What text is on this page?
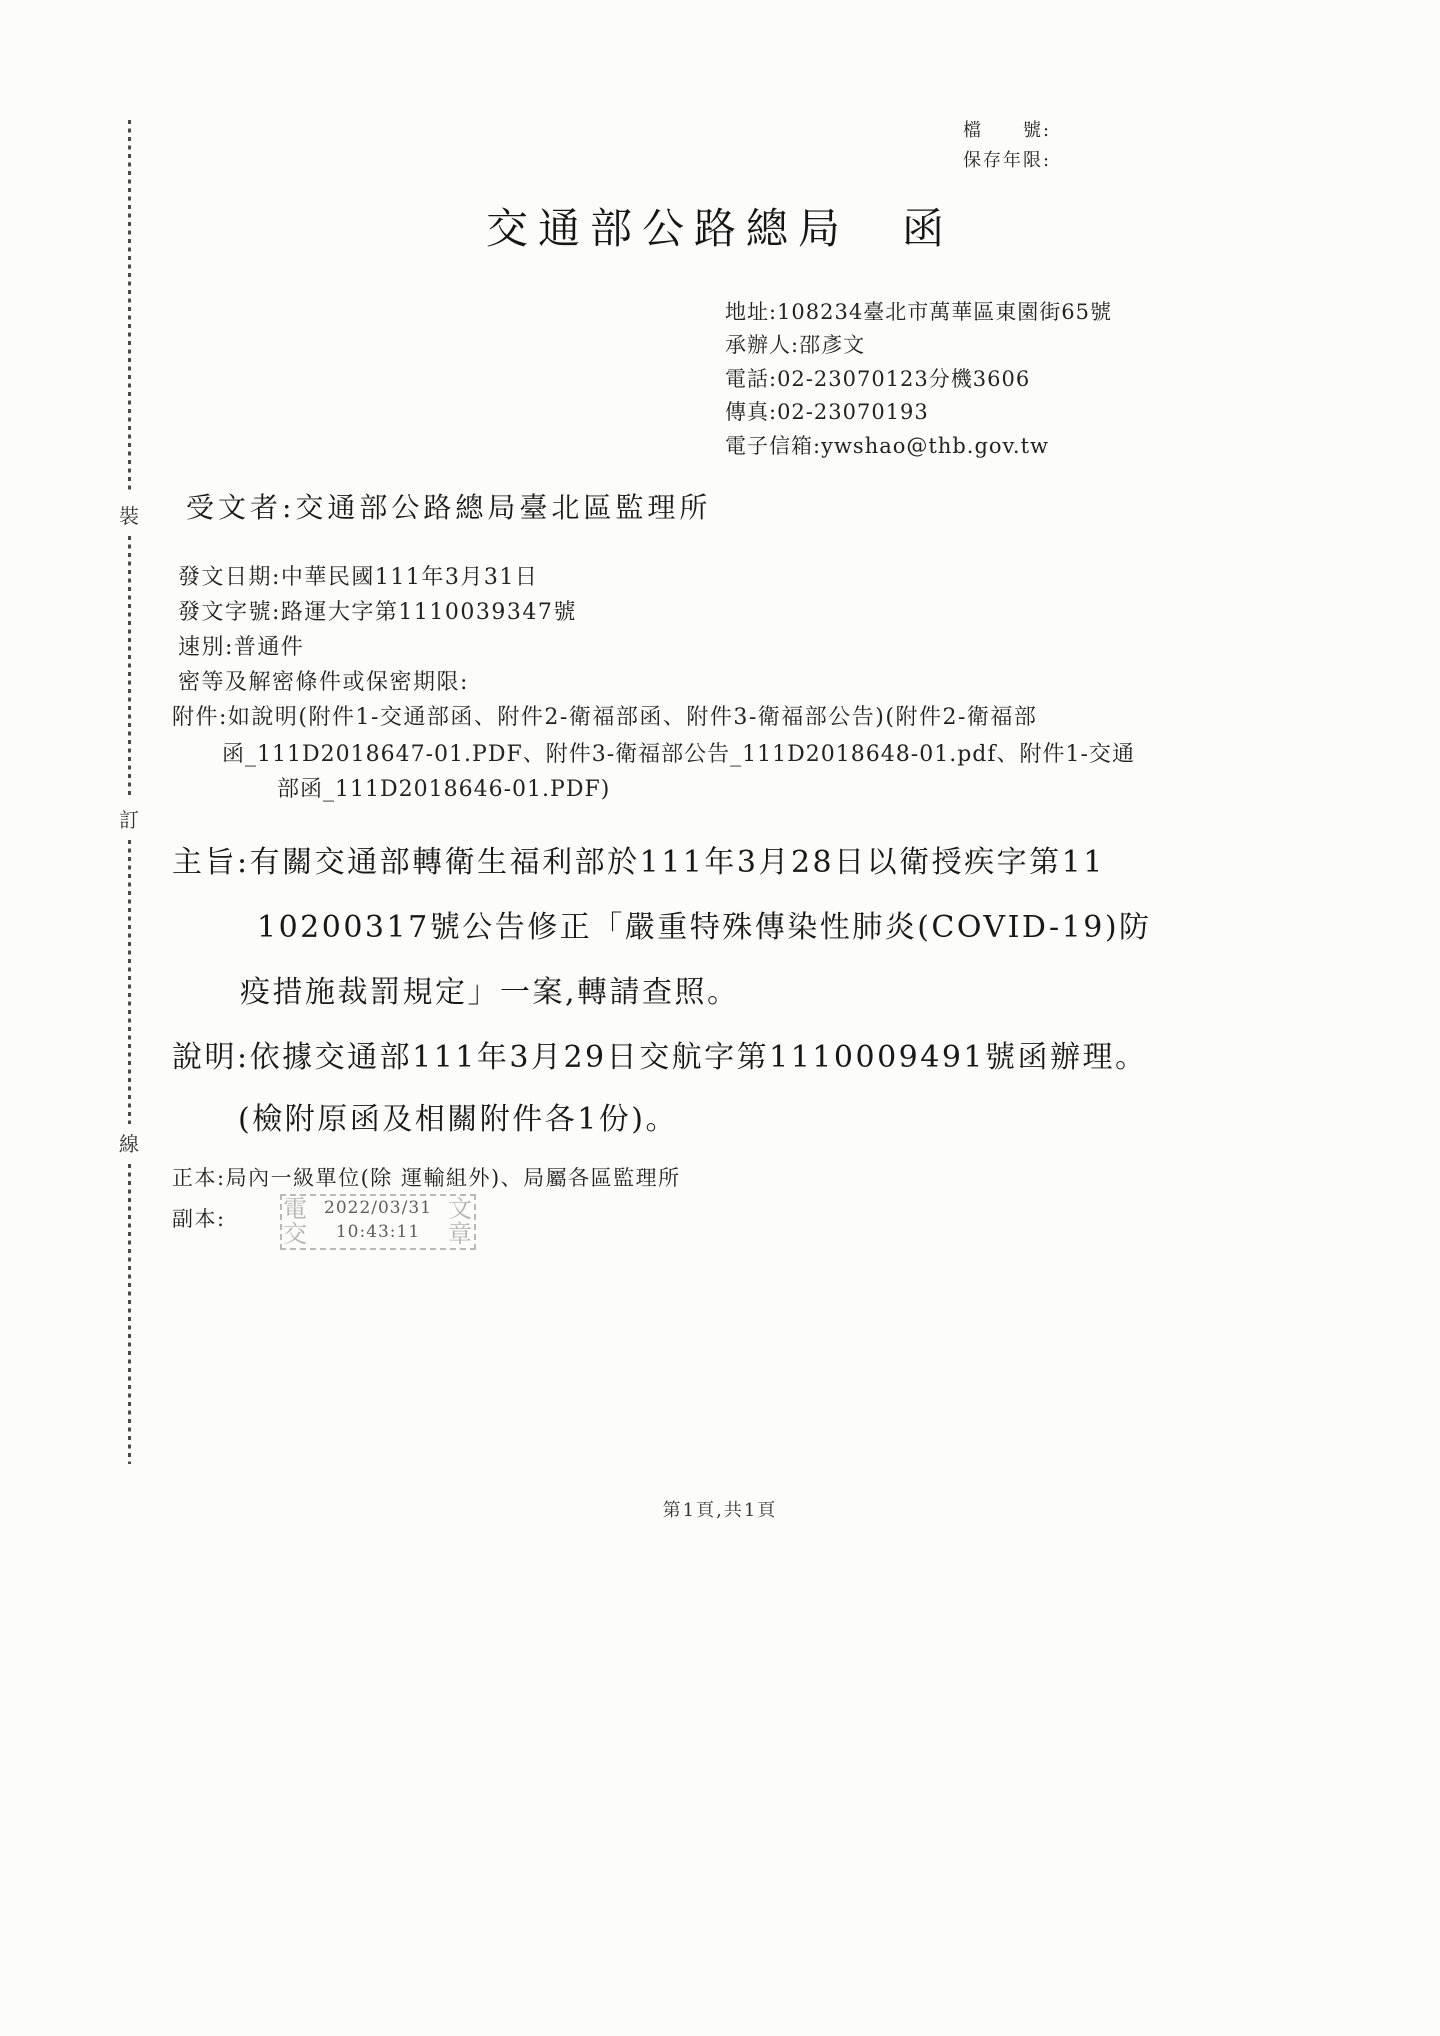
裝
訂
線
檔　　號:
保存年限:
交通部公路總局　函
地址:108234臺北市萬華區東園街65號
承辦人:邵彥文
電話:02-23070123分機3606
傳真:02-23070193
電子信箱:ywshao@thb.gov.tw
受文者:交通部公路總局臺北區監理所
發文日期:中華民國111年3月31日
發文字號:路運大字第1110039347號
速別:普通件
密等及解密條件或保密期限:
附件:如說明(附件1-交通部函、附件2-衛福部函、附件3-衛福部公告)(附件2-衛福部
函_111D2018647-01.PDF、附件3-衛福部公告_111D2018648-01.pdf、附件1-交通
部函_111D2018646-01.PDF)
主旨:有關交通部轉衛生福利部於111年3月28日以衛授疾字第11
10200317號公告修正「嚴重特殊傳染性肺炎(COVID-19)防
疫措施裁罰規定」一案,轉請查照。
說明:依據交通部111年3月29日交航字第1110009491號函辦理。
(檢附原函及相關附件各1份)。
正本:局內一級單位(除 運輸組外)、局屬各區監理所
副本: 電	文
交	章
2022/03/31
10:43:11
第1頁,共1頁
